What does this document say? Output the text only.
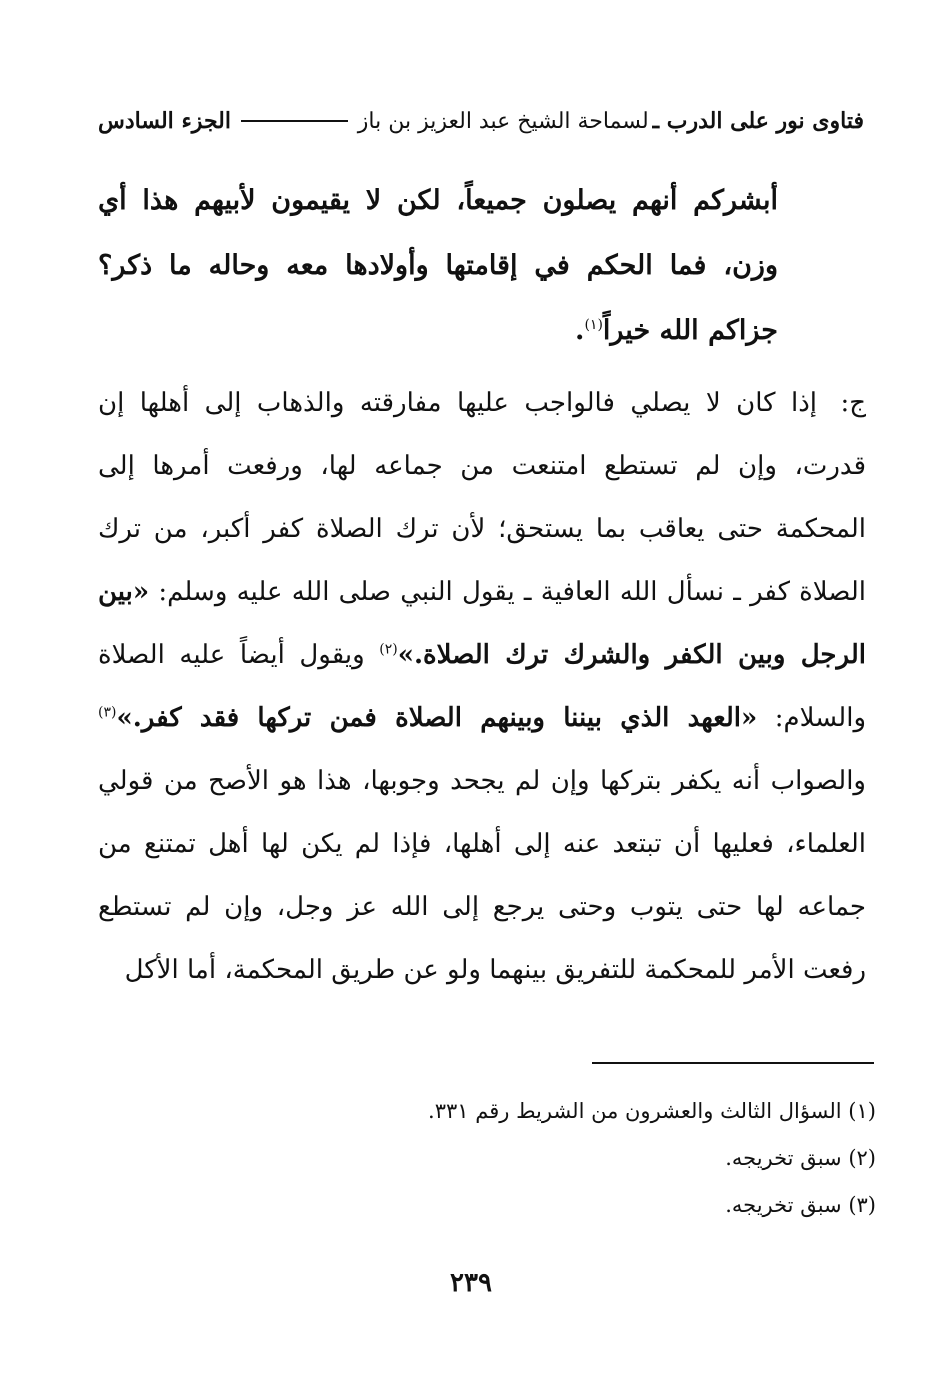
فتاوى نور على الدرب ـ
لسماحة الشيخ عبد العزيز بن باز
الجزء السادس
أبشركم أنهم يصلون جميعاً، لكن لا يقيمون لأبيهم هذا أي وزن، فما الحكم في إقامتها وأولادها معه وحاله ما ذكر؟ جزاكم الله خيراً$^{(١)}$.
ج: إذا كان لا يصلي فالواجب عليها مفارقته والذهاب إلى أهلها إن قدرت، وإن لم تستطع امتنعت من جماعه لها، ورفعت أمرها إلى المحكمة حتى يعاقب بما يستحق؛ لأن ترك الصلاة كفر أكبر، من ترك الصلاة كفر ـ نسأل الله العافية ـ يقول النبي صلى الله عليه وسلم: «بين الرجل وبين الكفر والشرك ترك الصلاة.»$^{(٢)}$ ويقول أيضاً عليه الصلاة والسلام: «العهد الذي بيننا وبينهم الصلاة فمن تركها فقد كفر.»$^{(٣)}$ والصواب أنه يكفر بتركها وإن لم يجحد وجوبها، هذا هو الأصح من قولي العلماء، فعليها أن تبتعد عنه إلى أهلها، فإذا لم يكن لها أهل تمتنع من جماعه لها حتى يتوب وحتى يرجع إلى الله عز وجل، وإن لم تستطع رفعت الأمر للمحكمة للتفريق بينهما ولو عن طريق المحكمة، أما الأكل
(١) السؤال الثالث والعشرون من الشريط رقم ٣٣١.
(٢) سبق تخريجه.
(٣) سبق تخريجه.
٢٣٩
